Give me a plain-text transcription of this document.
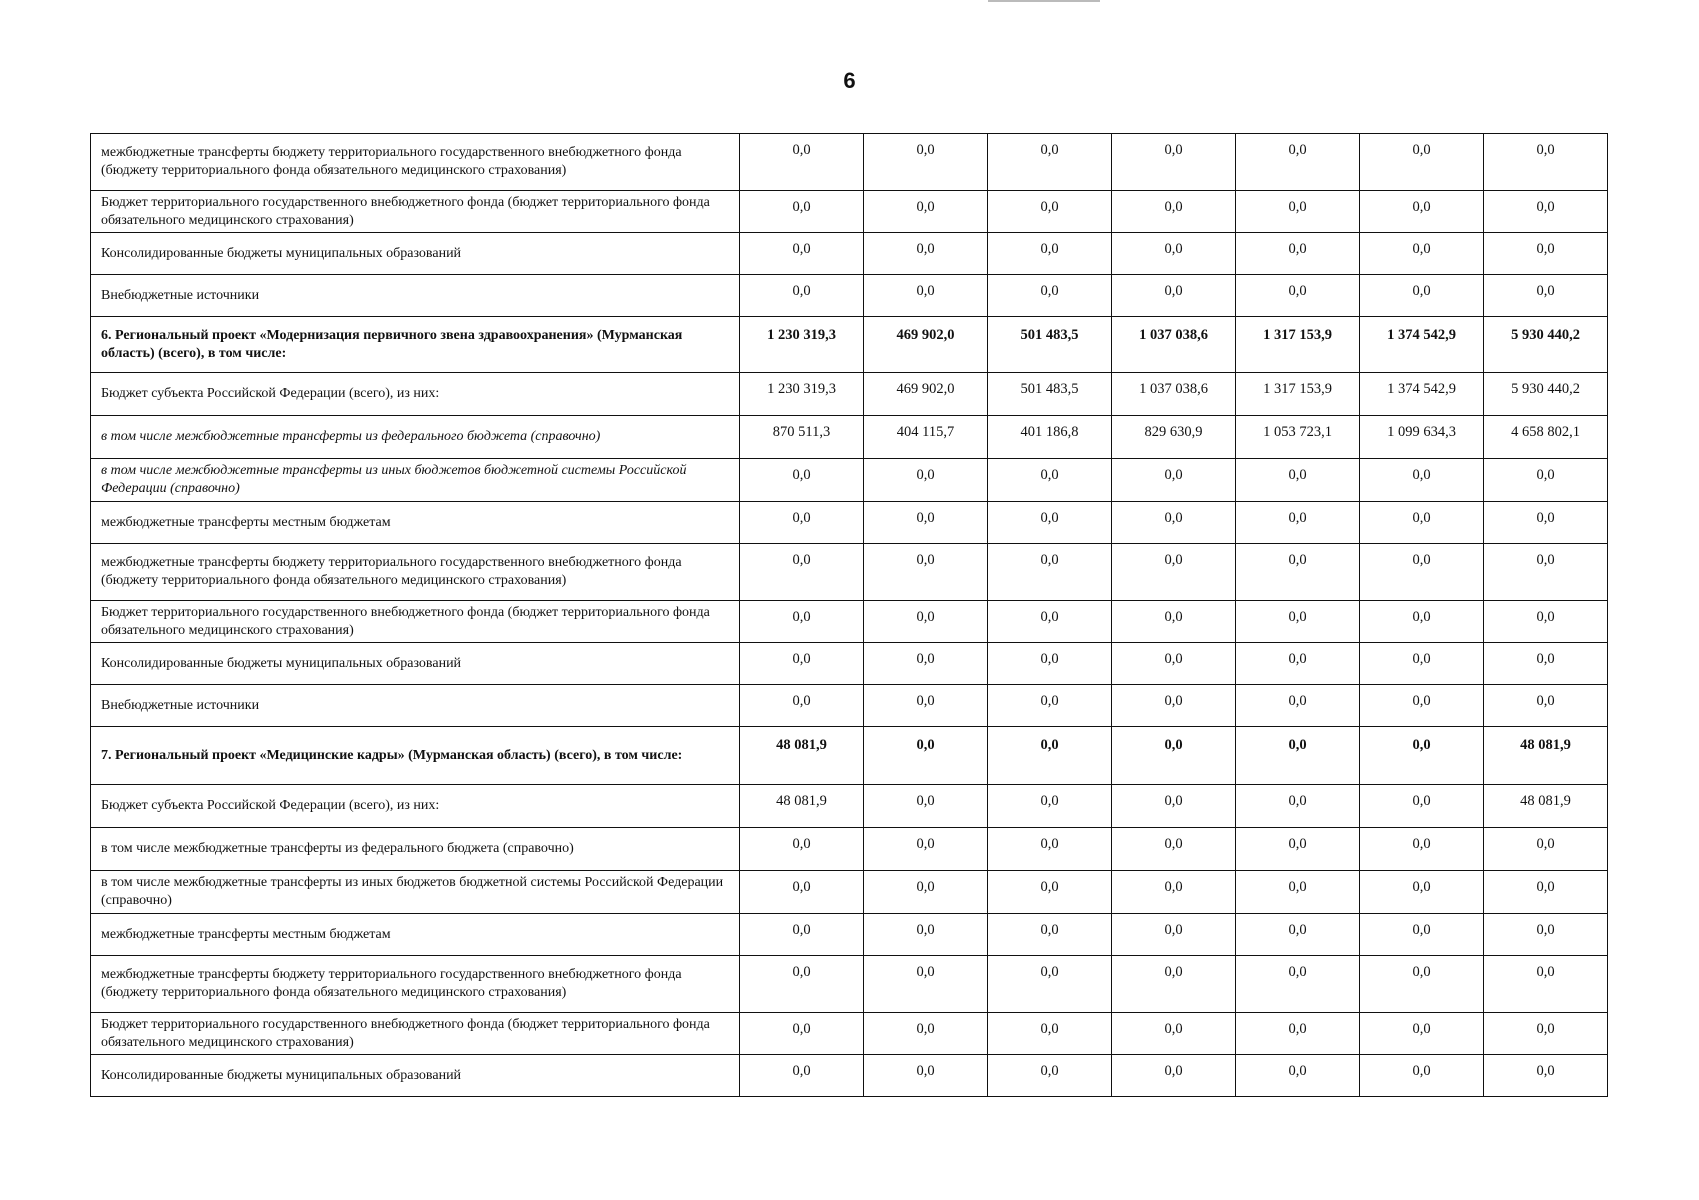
6
межбюджетные трансферты бюджету территориального государственного внебюджетного фонда (бюджету территориального фонда обязательного медицинского страхования)	0,0	0,0	0,0	0,0	0,0	0,0	0,0
Бюджет территориального государственного внебюджетного фонда (бюджет территориального фонда обязательного медицинского страхования)	0,0	0,0	0,0	0,0	0,0	0,0	0,0
Консолидированные бюджеты муниципальных образований	0,0	0,0	0,0	0,0	0,0	0,0	0,0
Внебюджетные источники	0,0	0,0	0,0	0,0	0,0	0,0	0,0
6. Региональный проект «Модернизация первичного звена здравоохранения» (Мурманская область) (всего), в том числе:	1 230 319,3	469 902,0	501 483,5	1 037 038,6	1 317 153,9	1 374 542,9	5 930 440,2
Бюджет субъекта Российской Федерации (всего), из них:	1 230 319,3	469 902,0	501 483,5	1 037 038,6	1 317 153,9	1 374 542,9	5 930 440,2
в том числе межбюджетные трансферты из федерального бюджета (справочно)	870 511,3	404 115,7	401 186,8	829 630,9	1 053 723,1	1 099 634,3	4 658 802,1
в том числе межбюджетные трансферты из иных бюджетов бюджетной системы Российской Федерации (справочно)	0,0	0,0	0,0	0,0	0,0	0,0	0,0
межбюджетные трансферты местным бюджетам	0,0	0,0	0,0	0,0	0,0	0,0	0,0
межбюджетные трансферты бюджету территориального государственного внебюджетного фонда (бюджету территориального фонда обязательного медицинского страхования)	0,0	0,0	0,0	0,0	0,0	0,0	0,0
Бюджет территориального государственного внебюджетного фонда (бюджет территориального фонда обязательного медицинского страхования)	0,0	0,0	0,0	0,0	0,0	0,0	0,0
Консолидированные бюджеты муниципальных образований	0,0	0,0	0,0	0,0	0,0	0,0	0,0
Внебюджетные источники	0,0	0,0	0,0	0,0	0,0	0,0	0,0
7. Региональный проект «Медицинские кадры» (Мурманская область) (всего), в том числе:	48 081,9	0,0	0,0	0,0	0,0	0,0	48 081,9
Бюджет субъекта Российской Федерации (всего), из них:	48 081,9	0,0	0,0	0,0	0,0	0,0	48 081,9
в том числе межбюджетные трансферты из федерального бюджета (справочно)	0,0	0,0	0,0	0,0	0,0	0,0	0,0
в том числе межбюджетные трансферты из иных бюджетов бюджетной системы Российской Федерации (справочно)	0,0	0,0	0,0	0,0	0,0	0,0	0,0
межбюджетные трансферты местным бюджетам	0,0	0,0	0,0	0,0	0,0	0,0	0,0
межбюджетные трансферты бюджету территориального государственного внебюджетного фонда (бюджету территориального фонда обязательного медицинского страхования)	0,0	0,0	0,0	0,0	0,0	0,0	0,0
Бюджет территориального государственного внебюджетного фонда (бюджет территориального фонда обязательного медицинского страхования)	0,0	0,0	0,0	0,0	0,0	0,0	0,0
Консолидированные бюджеты муниципальных образований	0,0	0,0	0,0	0,0	0,0	0,0	0,0
